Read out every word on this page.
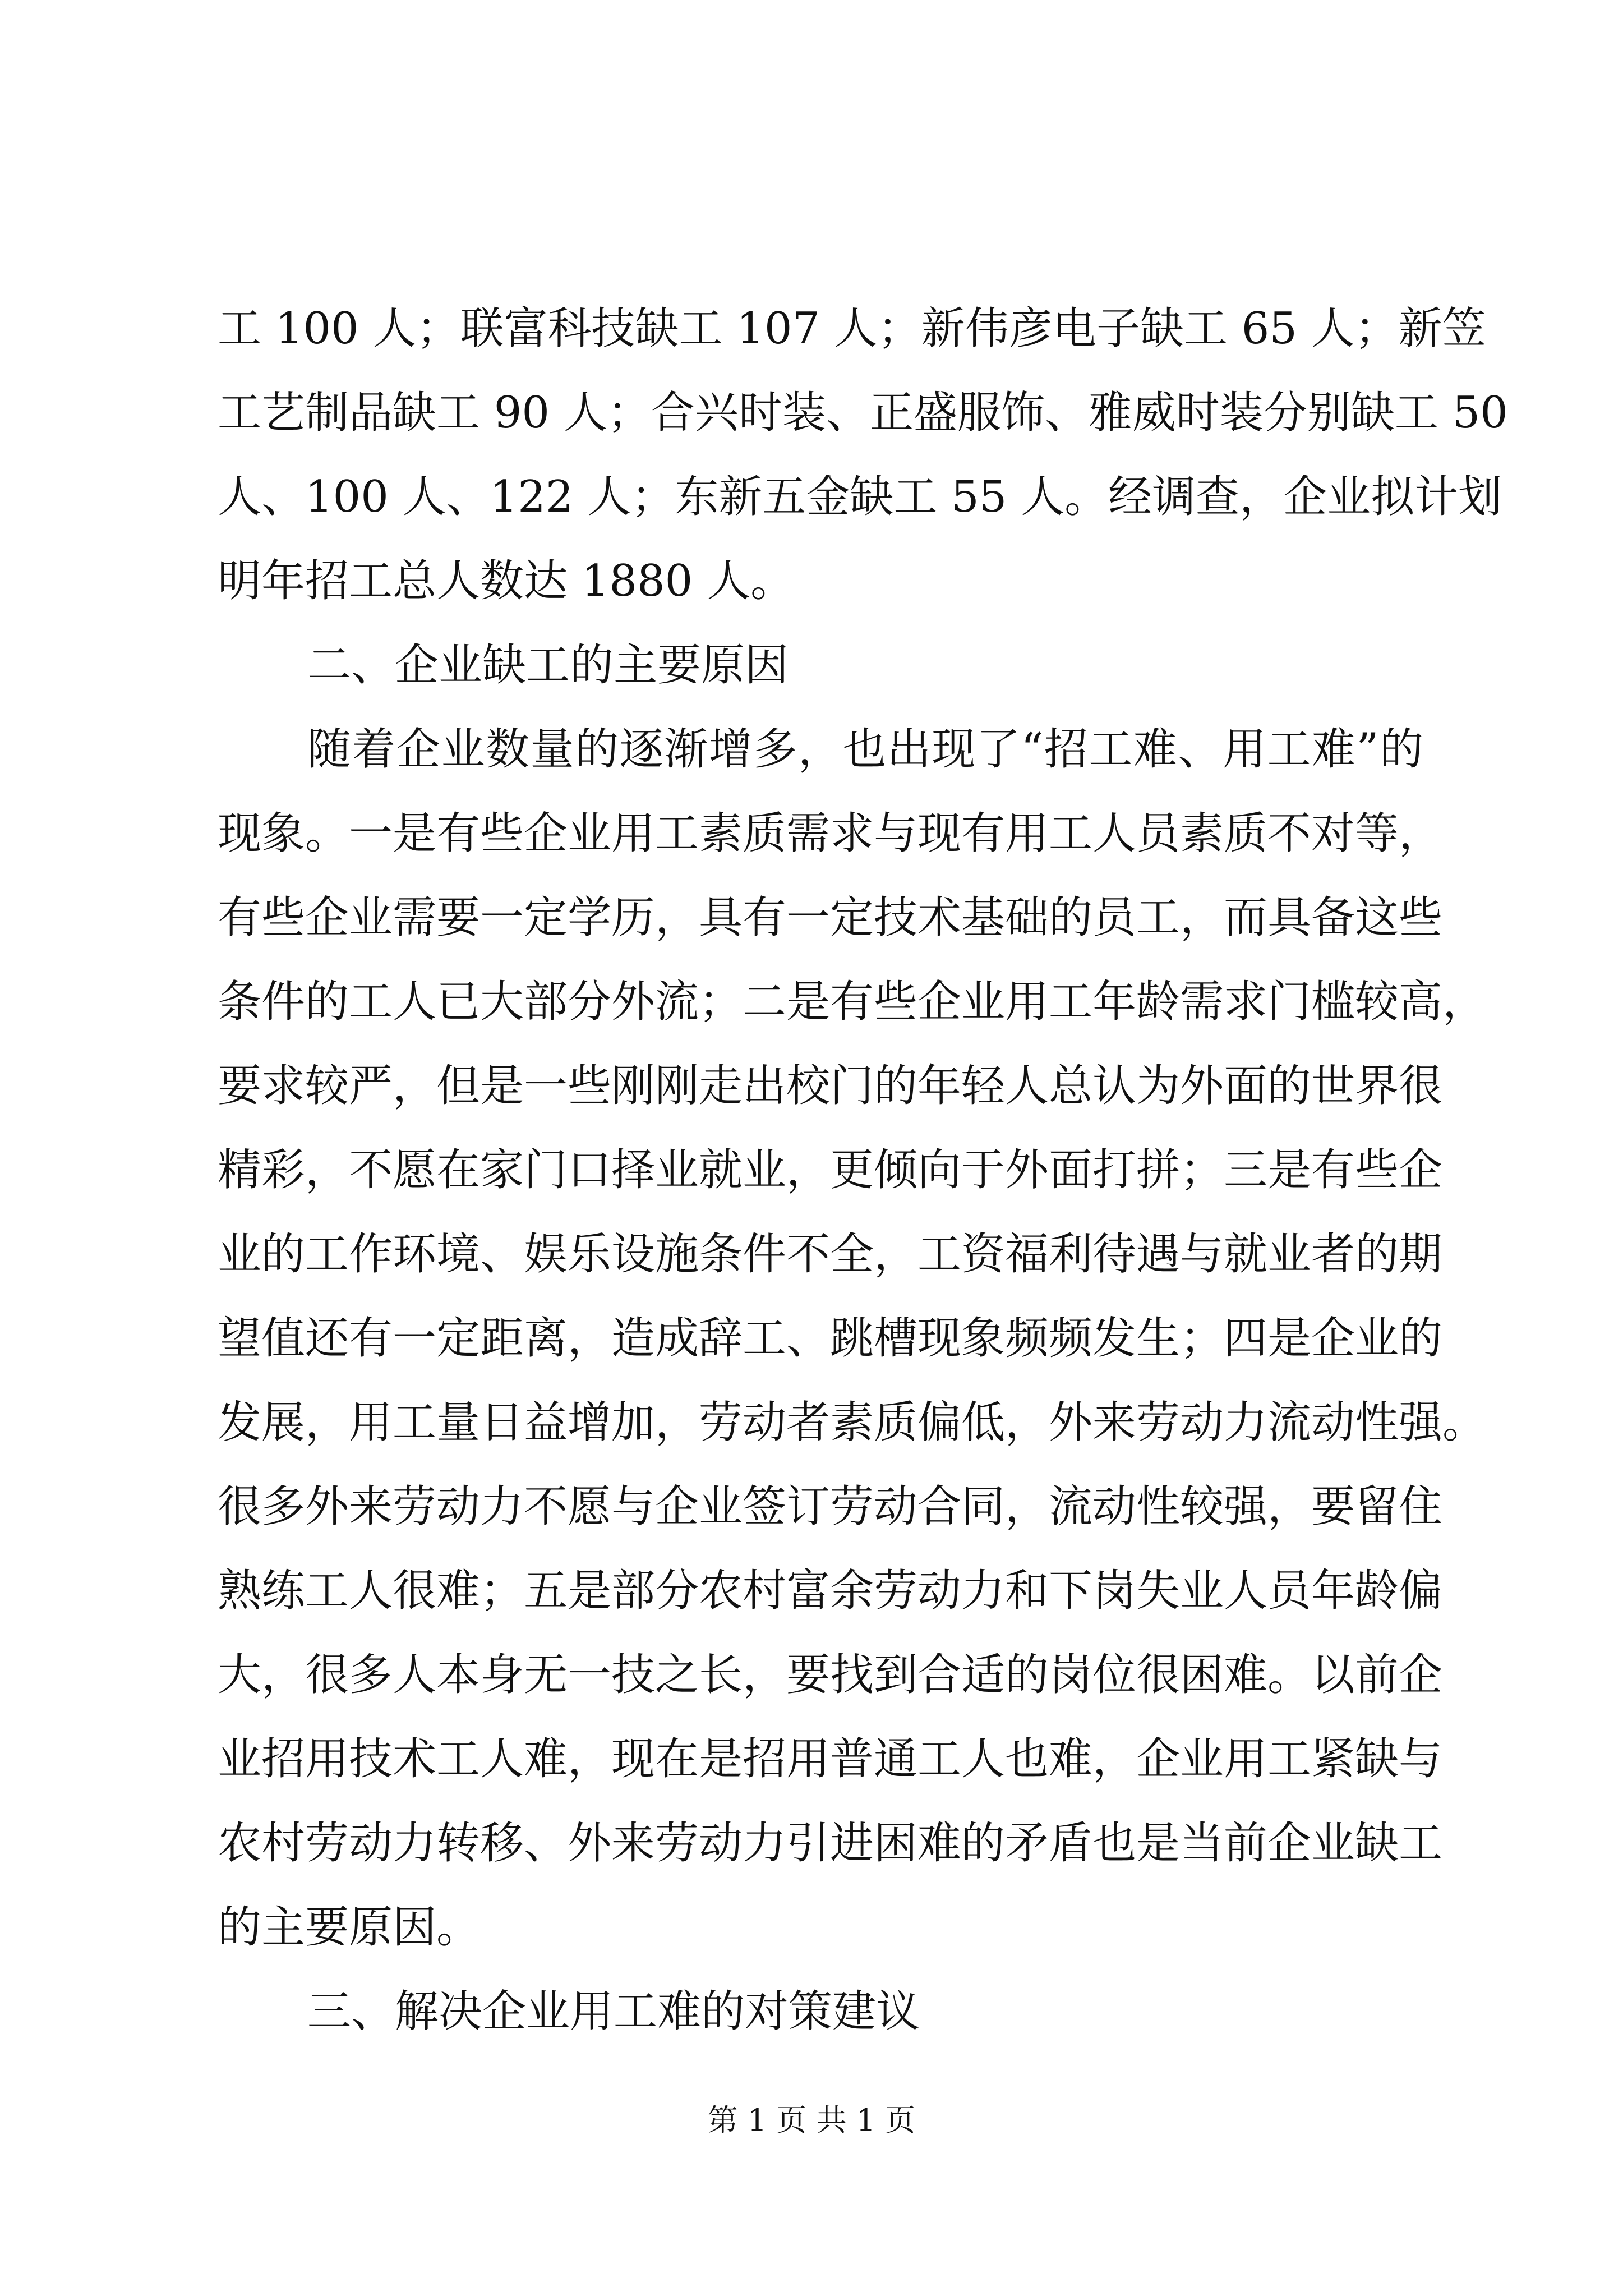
工 100 人；联富科技缺工 107 人；新伟彦电子缺工 65 人；新笠
工艺制品缺工 90 人；合兴时装、正盛服饰、雅威时装分别缺工 50
人、100 人、122 人；东新五金缺工 55 人。经调查，企业拟计划
明年招工总人数达 1880 人。
二、企业缺工的主要原因
随着企业数量的逐渐增多，也出现了“招工难、用工难”的
现象。一是有些企业用工素质需求与现有用工人员素质不对等，
有些企业需要一定学历，具有一定技术基础的员工，而具备这些
条件的工人已大部分外流；二是有些企业用工年龄需求门槛较高，
要求较严，但是一些刚刚走出校门的年轻人总认为外面的世界很
精彩，不愿在家门口择业就业，更倾向于外面打拼；三是有些企
业的工作环境、娱乐设施条件不全，工资福利待遇与就业者的期
望值还有一定距离，造成辞工、跳槽现象频频发生；四是企业的
发展，用工量日益增加，劳动者素质偏低，外来劳动力流动性强。
很多外来劳动力不愿与企业签订劳动合同，流动性较强，要留住
熟练工人很难；五是部分农村富余劳动力和下岗失业人员年龄偏
大，很多人本身无一技之长，要找到合适的岗位很困难。以前企
业招用技术工人难，现在是招用普通工人也难，企业用工紧缺与
农村劳动力转移、外来劳动力引进困难的矛盾也是当前企业缺工
的主要原因。
三、解决企业用工难的对策建议
第 1 页 共 1 页
